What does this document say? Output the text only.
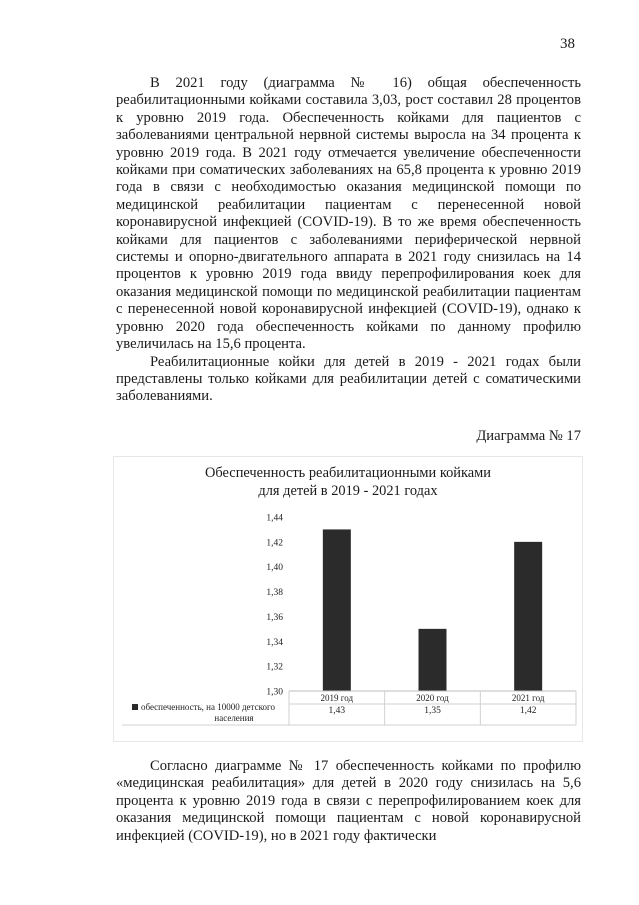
38

В 2021 году (диаграмма № 16) общая обеспеченность реабилитационными койками составила 3,03, рост составил 28 процентов к уровню 2019 года. Обеспеченность койками для пациентов с заболеваниями центральной нервной системы выросла на 34 процента к уровню 2019 года. В 2021 году отмечается увеличение обеспеченности койками при соматических заболеваниях на 65,8 процента к уровню 2019 года в связи с необходимостью оказания медицинской помощи по медицинской реабилитации пациентам с перенесенной новой коронавирусной инфекцией (COVID-19). В то же время обеспеченность койками для пациентов с заболеваниями периферической нервной системы и опорно-двигательного аппарата в 2021 году снизилась на 14 процентов к уровню 2019 года ввиду перепрофилирования коек для оказания медицинской помощи по медицинской реабилитации пациентам с перенесенной новой коронавирусной инфекцией (COVID-19), однако к уровню 2020 года обеспеченность койками по данному профилю увеличилась на 15,6 процента.

Реабилитационные койки для детей в 2019 - 2021 годах были представлены только койками для реабилитации детей с соматическими заболеваниями.

Диаграмма № 17
Обеспеченность реабилитационными койками
для детей в 2019 - 2021 годах
1,30
1,32
1,34
1,36
1,38
1,40
1,42
1,44
2019 год	2020 год	2021 год
1,43	1,35	1,42
обеспеченность, на 10000 детского
населения

Согласно диаграмме № 17 обеспеченность койками по профилю «медицинская реабилитация» для детей в 2020 году снизилась на 5,6 процента к уровню 2019 года в связи с перепрофилированием коек для оказания медицинской помощи пациентам с новой коронавирусной инфекцией (COVID-19), но в 2021 году фактически
